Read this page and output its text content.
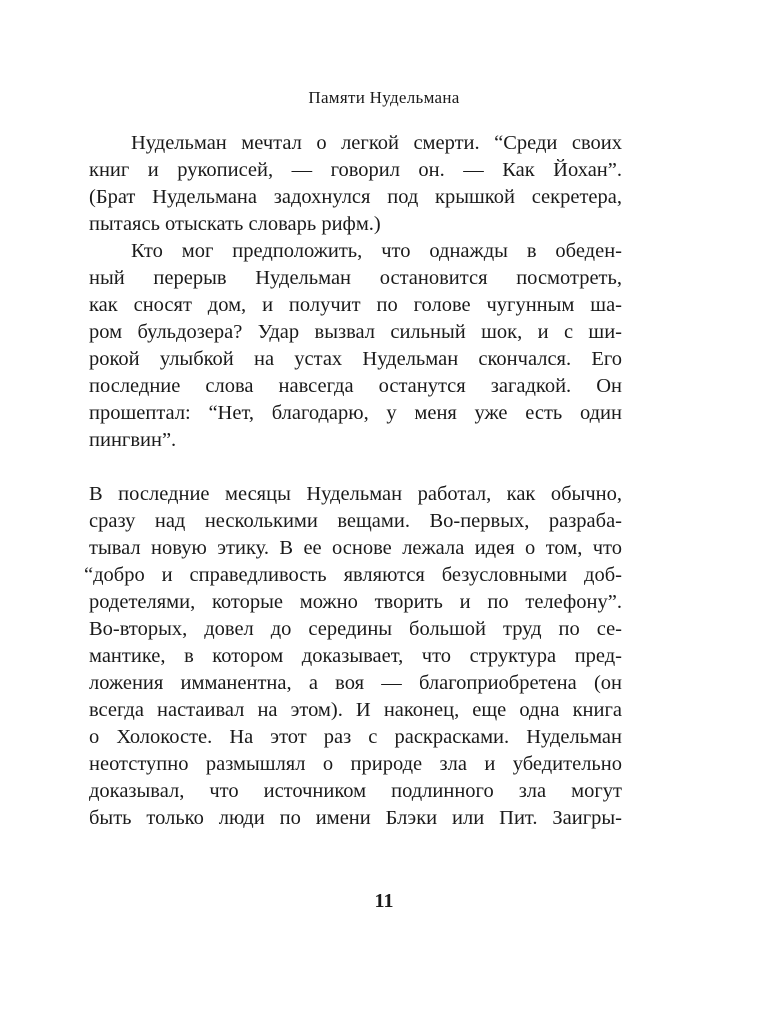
Памяти Нудельмана
Нудельман мечтал о легкой смерти. “Среди своих
книг и рукописей, — говорил он. — Как Йохан”.
(Брат Нудельмана задохнулся под крышкой секретера,
пытаясь отыскать словарь рифм.)
Кто мог предположить, что однажды в обеден-
ный перерыв Нудельман остановится посмотреть,
как сносят дом, и получит по голове чугунным ша-
ром бульдозера? Удар вызвал сильный шок, и с ши-
рокой улыбкой на устах Нудельман скончался. Его
последние слова навсегда останутся загадкой. Он
прошептал: “Нет, благодарю, у меня уже есть один
пингвин”.
В последние месяцы Нудельман работал, как обычно,
сразу над несколькими вещами. Во-первых, разраба-
тывал новую этику. В ее основе лежала идея о том, что
“добро и справедливость являются безусловными доб-
родетелями, которые можно творить и по телефону”.
Во-вторых, довел до середины большой труд по се-
мантике, в котором доказывает, что структура пред-
ложения имманентна, а воя — благоприобретена (он
всегда настаивал на этом). И наконец, еще одна книга
о Холокосте. На этот раз с раскрасками. Нудельман
неотступно размышлял о природе зла и убедительно
доказывал, что источником подлинного зла могут
быть только люди по имени Блэки или Пит. Заигры-
11
